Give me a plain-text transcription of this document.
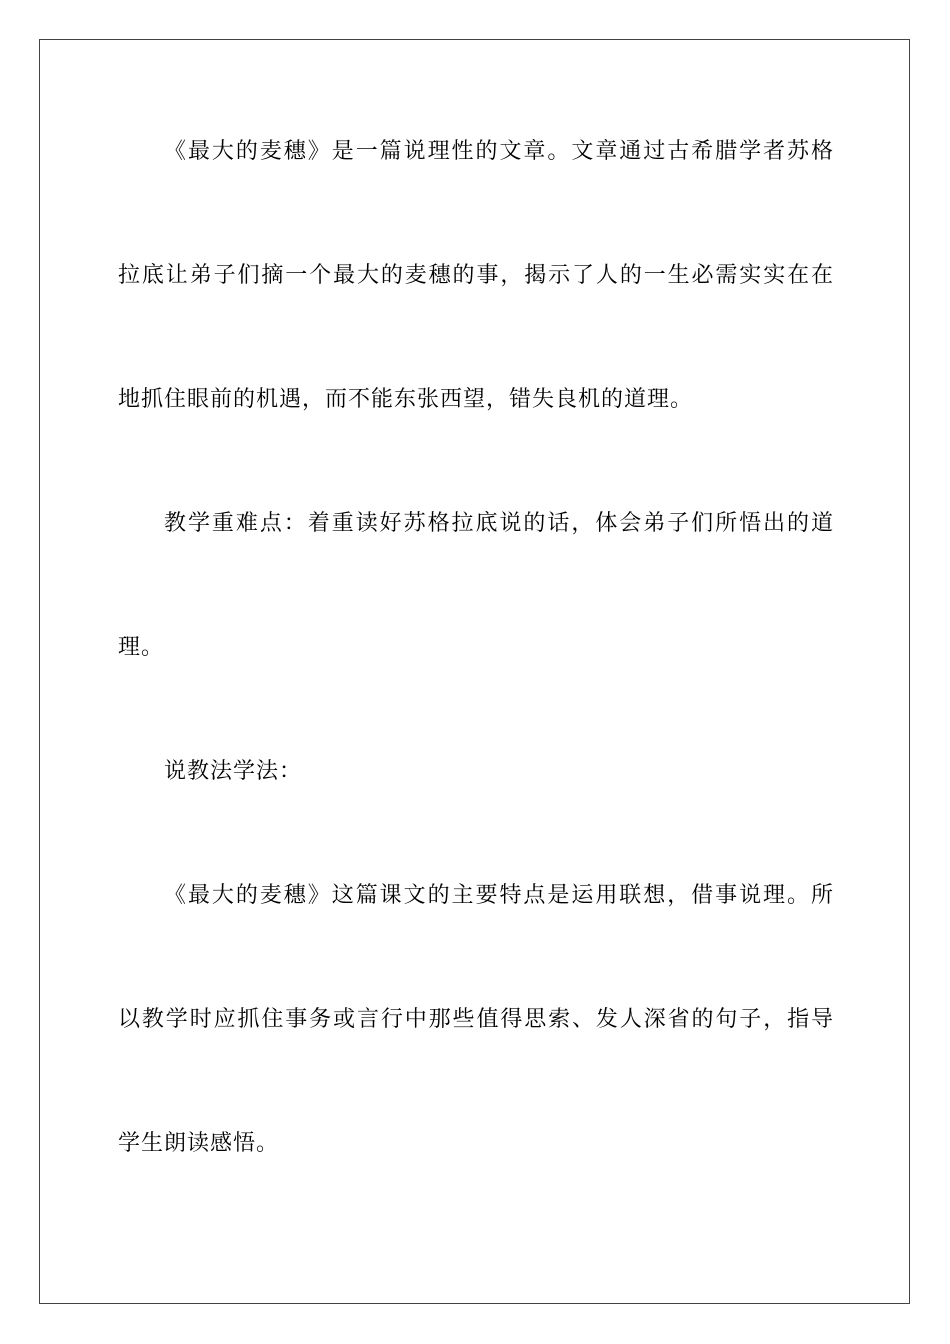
《最大的麦穗》是一篇说理性的文章。文章通过古希腊学者苏格
拉底让弟子们摘一个最大的麦穗的事，揭示了人的一生必需实实在在
地抓住眼前的机遇，而不能东张西望，错失良机的道理。
教学重难点：着重读好苏格拉底说的话，体会弟子们所悟出的道
理。
说教法学法：
《最大的麦穗》这篇课文的主要特点是运用联想，借事说理。所
以教学时应抓住事务或言行中那些值得思索、发人深省的句子，指导
学生朗读感悟。
